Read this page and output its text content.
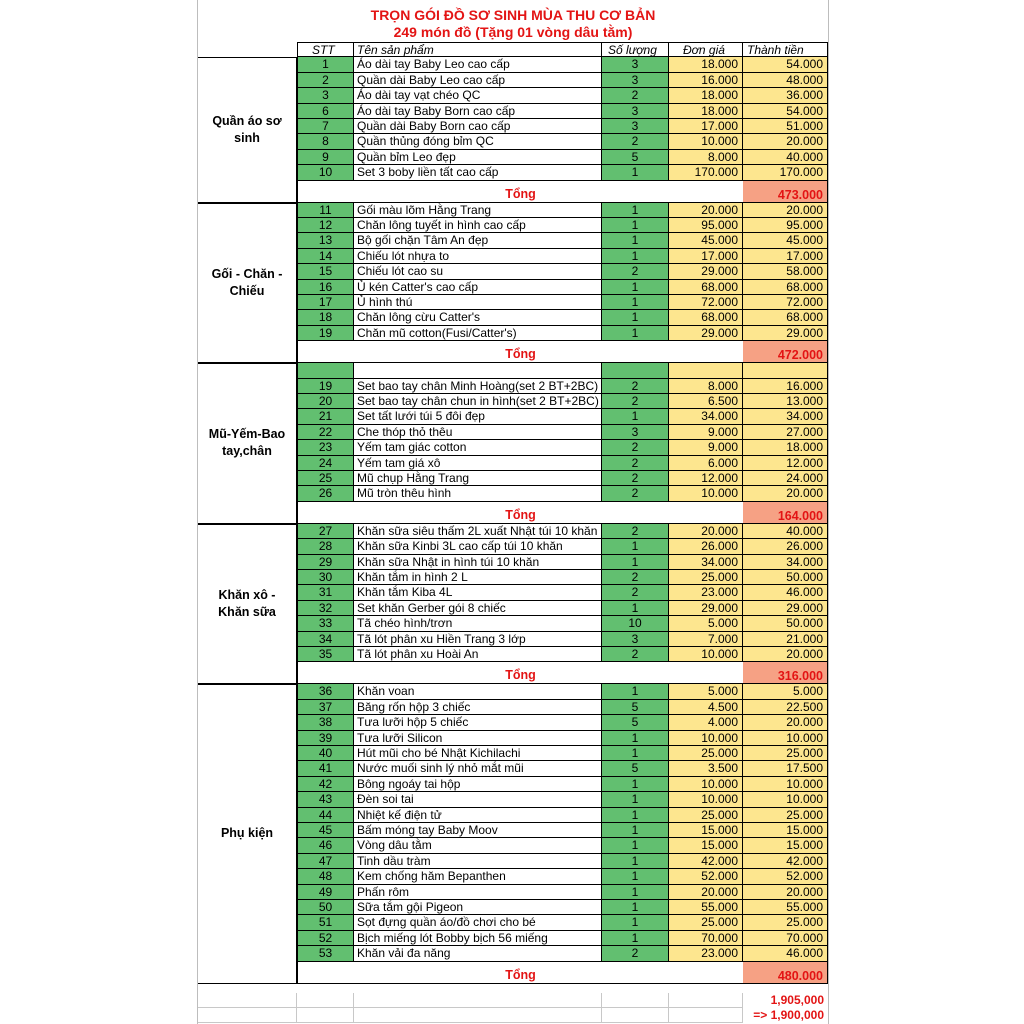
TRỌN GÓI ĐỒ SƠ SINH MÙA THU CƠ BẢN
249 món đồ (Tặng 01 vòng dâu tằm)
STT	Tên sản phẩm	Số lượng	Đơn giá	Thành tiền
1	Áo dài tay Baby Leo cao cấp	3	18.000	54.000
2	Quần dài Baby Leo cao cấp	3	16.000	48.000
3	Áo dài tay vạt chéo QC	2	18.000	36.000
6	Áo dài tay Baby Born cao cấp	3	18.000	54.000
7	Quần dài Baby Born cao cấp	3	17.000	51.000
8	Quần thủng đóng bỉm QC	2	10.000	20.000
9	Quần bỉm Leo đẹp	5	8.000	40.000
10	Set 3 boby liền tất cao cấp	1	170.000	170.000
Tổng	473.000
Quần áo sơ sinh
11	Gối màu lõm Hằng Trang	1	20.000	20.000
12	Chăn lông tuyết in hình cao cấp	1	95.000	95.000
13	Bộ gối chặn Tâm An đẹp	1	45.000	45.000
14	Chiếu lót nhựa to	1	17.000	17.000
15	Chiếu lót cao su	2	29.000	58.000
16	Ủ kén Catter's cao cấp	1	68.000	68.000
17	Ủ hình thú	1	72.000	72.000
18	Chăn lông cừu Catter's	1	68.000	68.000
19	Chăn mũ cotton(Fusi/Catter's)	1	29.000	29.000
Tổng	472.000
Gối - Chăn - Chiếu
19	Set bao tay chân Minh Hoàng(set 2 BT+2BC)	2	8.000	16.000
20	Set bao tay chân chun in hình(set 2 BT+2BC)	2	6.500	13.000
21	Set tất lưới túi 5 đôi đẹp	1	34.000	34.000
22	Che thóp thỏ thêu	3	9.000	27.000
23	Yếm tam giác cotton	2	9.000	18.000
24	Yếm tam giá xô	2	6.000	12.000
25	Mũ chụp Hằng Trang	2	12.000	24.000
26	Mũ tròn thêu hình	2	10.000	20.000
Tổng	164.000
Mũ-Yếm-Bao tay,chân
27	Khăn sữa siêu thấm 2L xuất Nhật túi 10 khăn	2	20.000	40.000
28	Khăn sữa Kinbi 3L cao cấp túi 10 khăn	1	26.000	26.000
29	Khăn sữa Nhật in hình túi 10 khăn	1	34.000	34.000
30	Khăn tắm in hình 2 L	2	25.000	50.000
31	Khăn tắm Kiba 4L	2	23.000	46.000
32	Set khăn Gerber gói 8 chiếc	1	29.000	29.000
33	Tã chéo hình/trơn	10	5.000	50.000
34	Tã lót phân xu Hiền Trang 3 lớp	3	7.000	21.000
35	Tã lót phân xu Hoài An	2	10.000	20.000
Tổng	316.000
Khăn xô - Khăn sữa
36	Khăn voan	1	5.000	5.000
37	Băng rốn hộp 3 chiếc	5	4.500	22.500
38	Tưa lưỡi hộp 5 chiếc	5	4.000	20.000
39	Tưa lưỡi Silicon	1	10.000	10.000
40	Hút mũi cho bé Nhật Kichilachi	1	25.000	25.000
41	Nước muối sinh lý nhỏ mắt mũi	5	3.500	17.500
42	Bông ngoáy tai hộp	1	10.000	10.000
43	Đèn soi tai	1	10.000	10.000
44	Nhiệt kế điện tử	1	25.000	25.000
45	Bấm móng tay Baby Moov	1	15.000	15.000
46	Vòng dâu tằm	1	15.000	15.000
47	Tinh dầu tràm	1	42.000	42.000
48	Kem chống hăm Bepanthen	1	52.000	52.000
49	Phấn rôm	1	20.000	20.000
50	Sữa tắm gội Pigeon	1	55.000	55.000
51	Sọt đựng quần áo/đồ chơi cho bé	1	25.000	25.000
52	Bịch miếng lót Bobby bịch 56 miếng	1	70.000	70.000
53	Khăn vải đa năng	2	23.000	46.000
Tổng	480.000
Phụ kiện
1,905,000
=> 1,900,000
